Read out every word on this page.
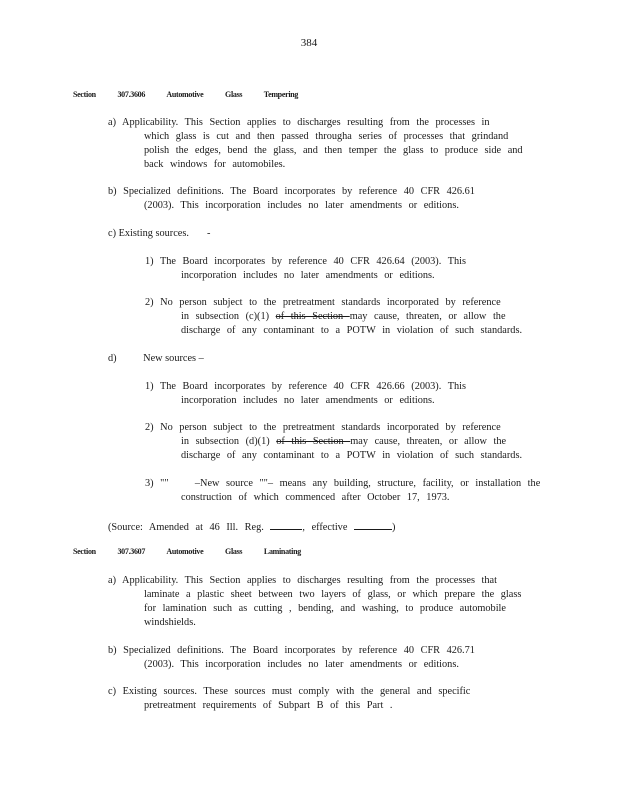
384
Section 307.3606 Automotive Glass Tempering
a) Applicability. This Section applies to discharges resulting from the processes in
which glass is cut and then passed througha series of processes that grindand
polish the edges, bend the glass, and then temper the glass to produce side and
back windows for automobiles.
b) Specialized definitions. The Board incorporates by reference 40 CFR 426.61
(2003). This incorporation includes no later amendments or editions.
c) Existing sources.       -
1) The Board incorporates by reference 40 CFR 426.64 (2003). This
incorporation includes no later amendments or editions.
2) No person subject to the pretreatment standards incorporated by reference
in subsection (c)(1) of this Section may cause, threaten, or allow the
discharge of any contaminant to a POTW in violation of such standards.
d)	New sources –
1) The Board incorporates by reference 40 CFR 426.66 (2003). This
incorporation includes no later amendments or editions.
2) No person subject to the pretreatment standards incorporated by reference
in subsection (d)(1) of this Section may cause, threaten, or allow the
discharge of any contaminant to a POTW in violation of such standards.
3) ""    –New source ""– means any building, structure, facility, or installation the
construction of which commenced after October 17, 1973.
(Source: Amended at 46 Ill. Reg.	, effective	)
Section 307.3607 Automotive Glass Laminating
a) Applicability. This Section applies to discharges resulting from the processes that
laminate a plastic sheet between two layers of glass, or which prepare the glass
for lamination such as cutting , bending, and washing, to produce automobile
windshields.
b) Specialized definitions. The Board incorporates by reference 40 CFR 426.71
(2003). This incorporation includes no later amendments or editions.
c) Existing sources. These sources must comply with the general and specific
pretreatment requirements of Subpart B of this Part .
